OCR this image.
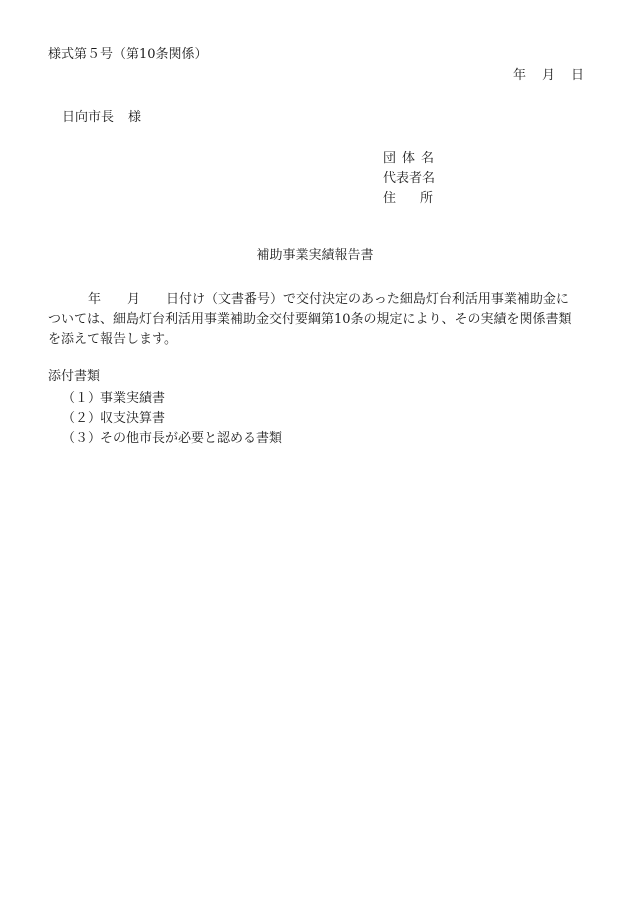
様式第５号（第10条関係）
年 月 日
日向市長 様
団体名
代表者名
住所
補助事業実績報告書
年 月 日付け（文書番号）で交付決定のあった細島灯台利活用事業補助金に
ついては、細島灯台利活用事業補助金交付要綱第10条の規定により、その実績を関係書類
を添えて報告します。
添付書類
（１）事業実績書
（２）収支決算書
（３）その他市長が必要と認める書類
